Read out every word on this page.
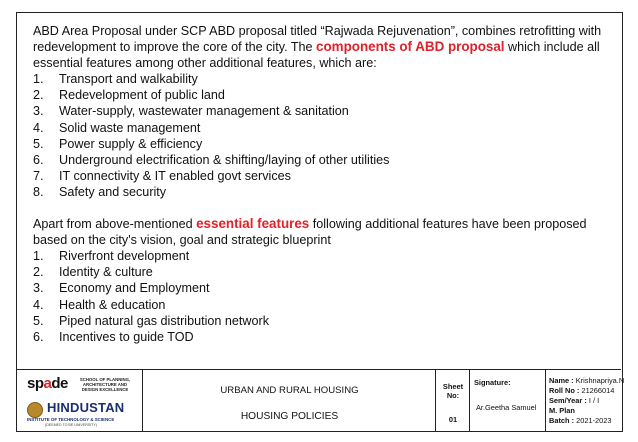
ABD Area Proposal under SCP ABD proposal titled “Rajwada Rejuvenation”, combines retrofitting with redevelopment to improve the core of the city. The components of ABD proposal which include all essential features among other additional features, which are:

1.	Transport and walkability
2.	Redevelopment of public land
3.	Water-supply, wastewater management & sanitation
4.	Solid waste management
5.	Power supply & efficiency
6.	Underground electrification & shifting/laying of other utilities
7.	IT connectivity & IT enabled govt services
8.	Safety and security

Apart from above-mentioned essential features following additional features have been proposed based on the city's vision, goal and strategic blueprint

1.	Riverfront development
2.	Identity & culture
3.	Economy and Employment
4.	Health & education
5.	Piped natural gas distribution network
6.	Incentives to guide TOD
spade	SCHOOL OF PLANNING, ARCHITECTURE AND DESIGN EXCELLENCE
HINDUSTAN
INSTITUTE OF TECHNOLOGY & SCIENCE
(DEEMED TO BE UNIVERSITY)
URBAN AND RURAL HOUSING
HOUSING POLICIES
Sheet No:
01
Signature:
Ar.Geetha Samuel
Name : Krishnapriya.N
Roll No : 21266014
Sem/Year : I / I
M. Plan
Batch : 2021-2023
